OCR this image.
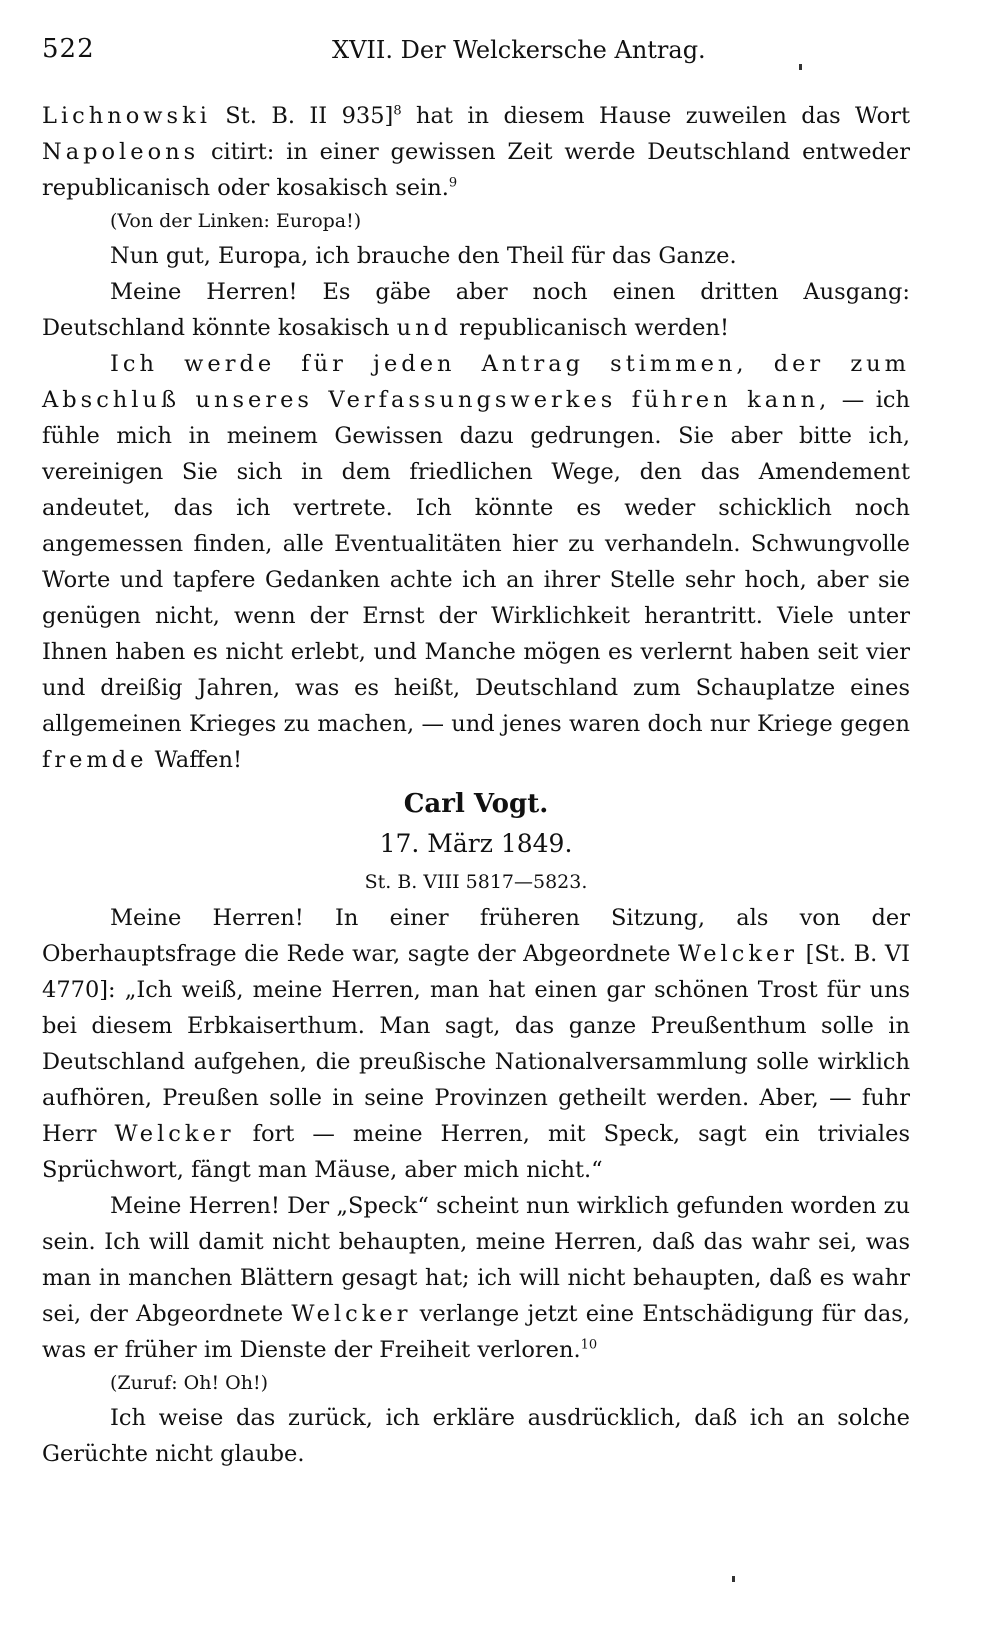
522	XVII. Der Welckersche Antrag.

Lichnowski St. B. II 935]$^8$ hat in diesem Hause zuweilen das Wort Napoleons citirt: in einer gewissen Zeit werde Deutschland entweder republicanisch oder kosakisch sein.$^9$

(Von der Linken: Europa!)

Nun gut, Europa, ich brauche den Theil für das Ganze.

Meine Herren! Es gäbe aber noch einen dritten Ausgang: Deutschland könnte kosakisch und republicanisch werden!

Ich werde für jeden Antrag stimmen, der zum Abschluß unseres Verfassungswerkes führen kann, — ich fühle mich in meinem Gewissen dazu gedrungen. Sie aber bitte ich, vereinigen Sie sich in dem friedlichen Wege, den das Amendement andeutet, das ich vertrete. Ich könnte es weder schicklich noch angemessen finden, alle Eventualitäten hier zu verhandeln. Schwungvolle Worte und tapfere Gedanken achte ich an ihrer Stelle sehr hoch, aber sie genügen nicht, wenn der Ernst der Wirklichkeit herantritt. Viele unter Ihnen haben es nicht erlebt, und Manche mögen es verlernt haben seit vier und dreißig Jahren, was es heißt, Deutschland zum Schauplatze eines allgemeinen Krieges zu machen, — und jenes waren doch nur Kriege gegen fremde Waffen!

Carl Vogt.
17. März 1849.
St. B. VIII 5817—5823.

Meine Herren! In einer früheren Sitzung, als von der Oberhauptsfrage die Rede war, sagte der Abgeordnete Welcker [St. B. VI 4770]: „Ich weiß, meine Herren, man hat einen gar schönen Trost für uns bei diesem Erbkaiserthum. Man sagt, das ganze Preußenthum solle in Deutschland aufgehen, die preußische Nationalversammlung solle wirklich aufhören, Preußen solle in seine Provinzen getheilt werden. Aber, — fuhr Herr Welcker fort — meine Herren, mit Speck, sagt ein triviales Sprüchwort, fängt man Mäuse, aber mich nicht.“

Meine Herren! Der „Speck“ scheint nun wirklich gefunden worden zu sein. Ich will damit nicht behaupten, meine Herren, daß das wahr sei, was man in manchen Blättern gesagt hat; ich will nicht behaupten, daß es wahr sei, der Abgeordnete Welcker verlange jetzt eine Entschädigung für das, was er früher im Dienste der Freiheit verloren.$^{10}$

(Zuruf: Oh! Oh!)

Ich weise das zurück, ich erkläre ausdrücklich, daß ich an solche Gerüchte nicht glaube.
